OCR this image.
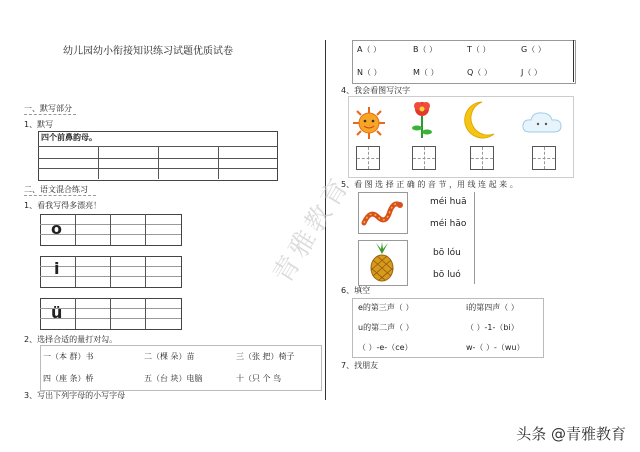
幼儿园幼小衔接知识练习试题优质试卷
一、默写部分
1、默写
四个前鼻韵母。
二、语文混合练习
1、看我写得多漂亮！
o
i
ü
2、选择合适的量打对勾。
一（本 群）书	二（棵 朵）苗	三（张 把）椅子
四（座 条）桥	五（台 块）电脑	十（只 个 鸟
3、写出下列字母的小写字母
A（ ）	B（ ）	T（ ）	G（ ）
N（ ）	M（ ）	Q（ ）	J（ ）
4、我会看图写汉字
5、看 图 选 择 正 确 的 音 节 ，用 线 连 起 来 。
méi huā
méi hāo
bō lóu
bō luó
6、填空
e的第三声（ ）	i的第四声（ ）
u的第二声（ ）	（ ）-1-（bi）
（ ）-e-（ce）	w-（ ）-（wu）
7、找朋友
青雅教育
头条 @青雅教育
